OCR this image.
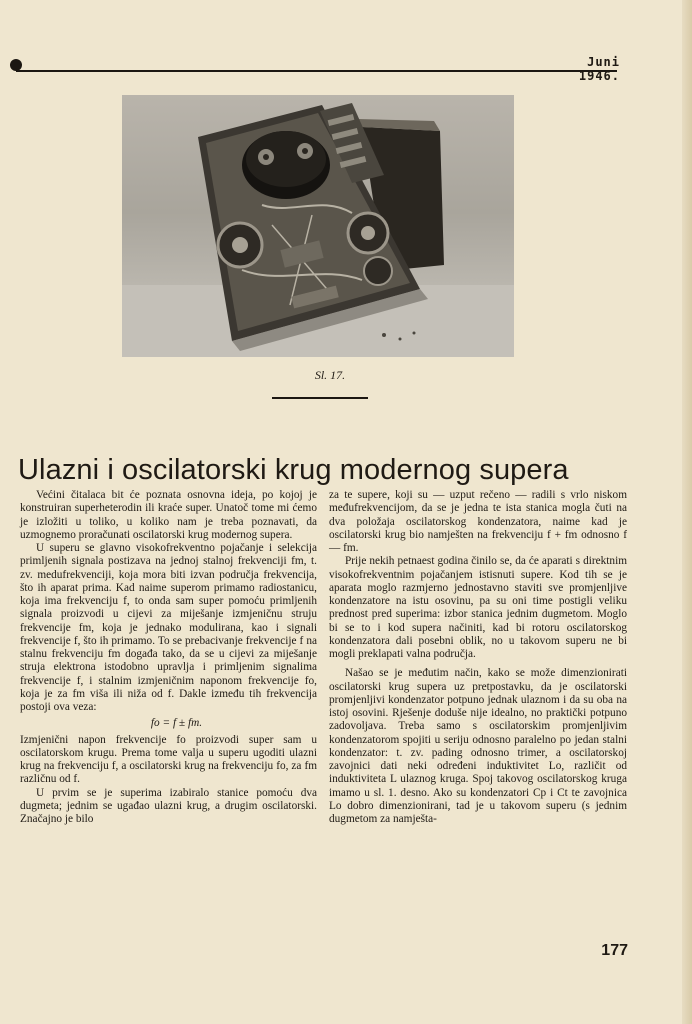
Juni 1946.
Sl. 17.
Ulazni i oscilatorski krug modernog supera

Većini čitalaca bit će poznata osnovna ideja, po kojoj je konstruiran superheterodin ili kraće super. Unatoč tome mi ćemo je izložiti u toliko, u koliko nam je treba poznavati, da uzmognemo proračunati oscilatorski krug modernog supera.

U superu se glavno visokofrekventno pojačanje i selekcija primljenih signala postizava na jednoj stalnoj frekvenciji fm, t. zv. medufrekvenciji, koja mora biti izvan područja frekvencija, što ih aparat prima. Kad naime superom primamo radiostanicu, koja ima frekvenciju f, to onda sam super pomoću primljenih signala proizvodi u cijevi za miješanje izmjeničnu struju frekvencije fm, koja je jednako modulirana, kao i signali frekvencije f, što ih primamo. To se prebacivanje frekvencije f na stalnu frekvenciju fm događa tako, da se u cijevi za miješanje struja elektrona istodobno upravlja i primljenim signalima frekvencije f, i stalnim izmjeničnim naponom frekvencije fo, koja je za fm viša ili niža od f. Dakle između tih frekvencija postoji ova veza:

fo = f ± fm.

Izmjenični napon frekvencije fo proizvodi super sam u oscilatorskom krugu. Prema tome valja u superu ugoditi ulazni krug na frekvenciju f, a oscilatorski krug na frekvenciju fo, za fm različnu od f.

U prvim se je superima izabiralo stanice pomoću dva dugmeta; jednim se ugađao ulazni krug, a drugim oscilatorski. Značajno je bilo

za te supere, koji su — uzput rečeno — radili s vrlo niskom međufrekvencijom, da se je jedna te ista stanica mogla čuti na dva položaja oscilatorskog kondenzatora, naime kad je oscilatorski krug bio namješten na frekvenciju f + fm odnosno f — fm.

Prije nekih petnaest godina činilo se, da će aparati s direktnim visokofrekventnim pojačanjem istisnuti supere. Kod tih se je aparata moglo razmjerno jednostavno staviti sve promjenljive kondenzatore na istu osovinu, pa su oni time postigli veliku prednost pred superima: izbor stanica jednim dugmetom. Moglo bi se to i kod supera načiniti, kad bi rotoru oscilatorskog kondenzatora dali posebni oblik, no u takovom superu ne bi mogli preklapati valna područja.

Našao se je međutim način, kako se može dimenzionirati oscilatorski krug supera uz pretpostavku, da je oscilatorski promjenljivi kondenzator potpuno jednak ulaznom i da su oba na istoj osovini. Rješenje doduše nije idealno, no praktički potpuno zadovoljava. Treba samo s oscilatorskim promjenljivim kondenzatorom spojiti u seriju odnosno paralelno po jedan stalni kondenzator: t. zv. pading odnosno trimer, a oscilatorskoj zavojnici dati neki određeni induktivitet Lo, različit od induktiviteta L ulaznog kruga. Spoj takovog oscilatorskog kruga imamo u sl. 1. desno. Ako su kondenzatori Cp i Ct te zavojnica Lo dobro dimenzionirani, tad je u takovom superu (s jednim dugmetom za namješta-

177
